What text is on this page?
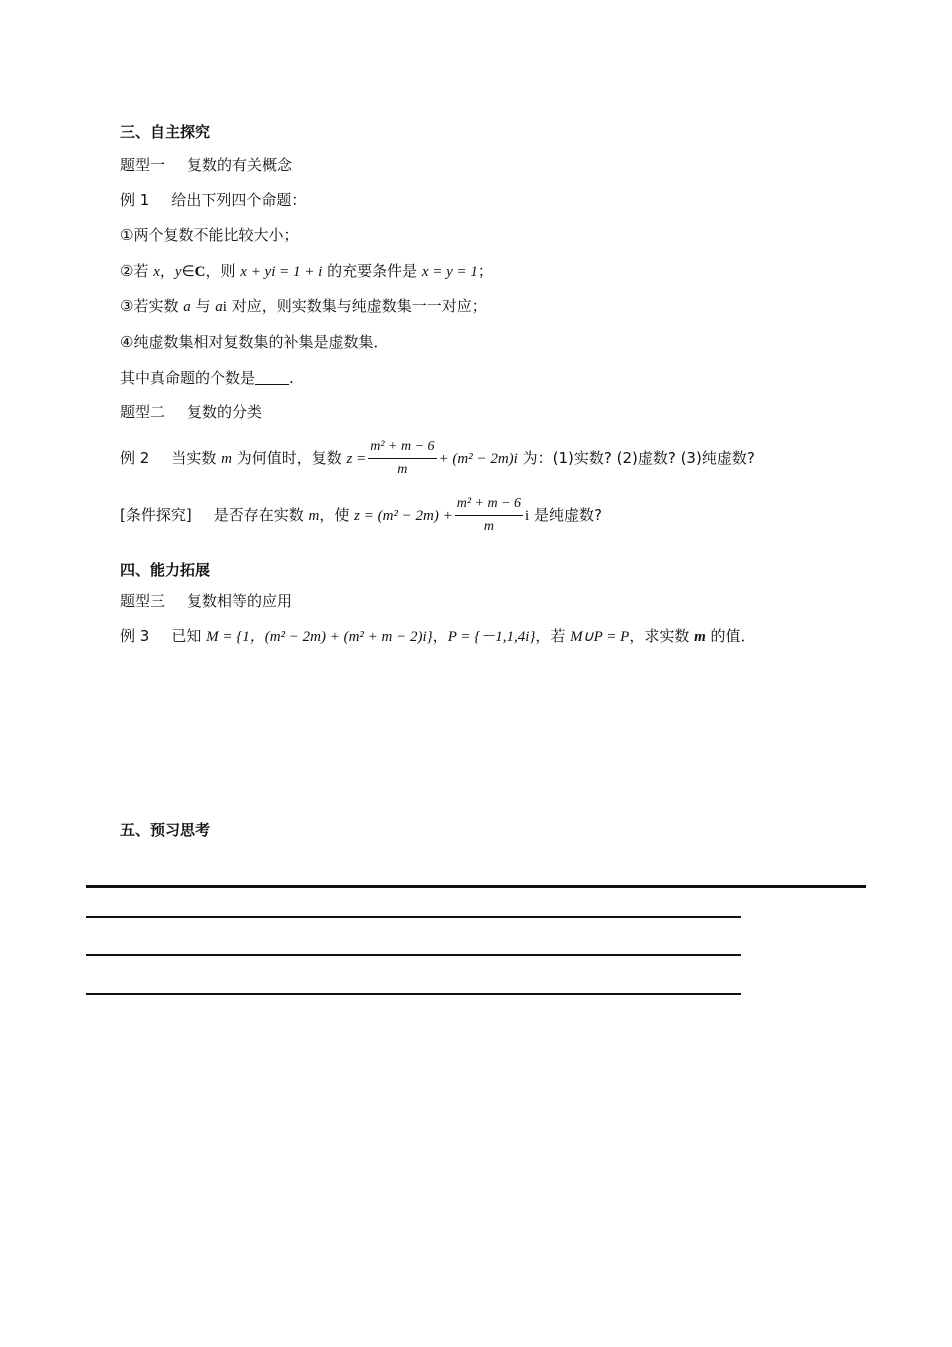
三、自主探究
题型一 复数的有关概念
例 1 给出下列四个命题：
①两个复数不能比较大小；
②若 x，y∈C，则 x + yi = 1 + i 的充要条件是 x = y = 1；
③若实数 a 与 ai 对应，则实数集与纯虚数集一一对应；
④纯虚数集相对复数集的补集是虚数集．
其中真命题的个数是 .
题型二 复数的分类
例 2 当实数 m 为何值时，复数 $z = \frac{\text{m² + m − 6}}{m} + (m^2 - 2m)i$ 为：(1)实数? (2)虚数? (3)纯虚数?
[条件探究] 是否存在实数 m，使 $z = (m^2 - 2m) + \frac{\text{m² + m − 6}}{m}$ i 是纯虚数?
四、能力拓展
题型三 复数相等的应用
例 3 已知 M = {1，(m² − 2m) + (m² + m − 2)i}，P = {－1,1,4i}，若 M∪P = P，求实数 m 的值．
五、预习思考
